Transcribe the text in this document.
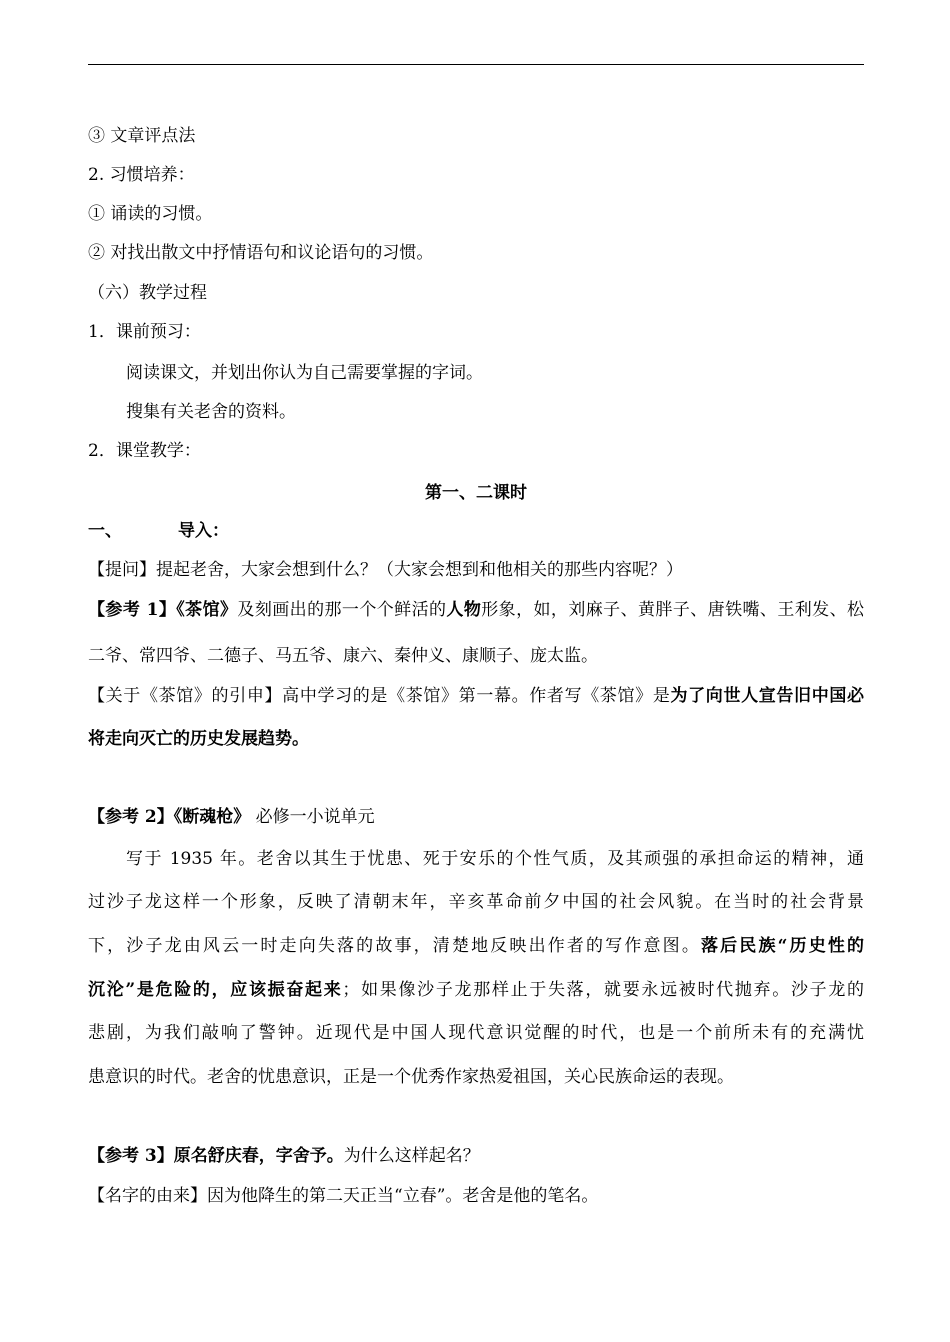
③ 文章评点法
2. 习惯培养：
① 诵读的习惯。
② 对找出散文中抒情语句和议论语句的习惯。
（六）教学过程
1．课前预习：
阅读课文，并划出你认为自己需要掌握的字词。
搜集有关老舍的资料。
2．课堂教学：
第一、二课时
一、	导入：
【提问】提起老舍，大家会想到什么？（大家会想到和他相关的那些内容呢？）
【参考 1】《茶馆》及刻画出的那一个个鲜活的人物形象，如，刘麻子、黄胖子、唐铁嘴、王利发、松
二爷、常四爷、二德子、马五爷、康六、秦仲义、康顺子、庞太监。
【关于《茶馆》的引申】高中学习的是《茶馆》第一幕。作者写《茶馆》是为了向世人宣告旧中国必
将走向灭亡的历史发展趋势。
【参考 2】《断魂枪》 必修一小说单元
写于 1935 年。老舍以其生于忧患、死于安乐的个性气质，及其顽强的承担命运的精神，通
过沙子龙这样一个形象，反映了清朝末年，辛亥革命前夕中国的社会风貌。在当时的社会背景
下，沙子龙由风云一时走向失落的故事，清楚地反映出作者的写作意图。落后民族“历史性的
沉沦”是危险的，应该振奋起来；如果像沙子龙那样止于失落，就要永远被时代抛弃。沙子龙的
悲剧，为我们敲响了警钟。近现代是中国人现代意识觉醒的时代，也是一个前所未有的充满忧
患意识的时代。老舍的忧患意识，正是一个优秀作家热爱祖国，关心民族命运的表现。
【参考 3】原名舒庆春，字舍予。为什么这样起名？
【名字的由来】因为他降生的第二天正当“立春”。老舍是他的笔名。
